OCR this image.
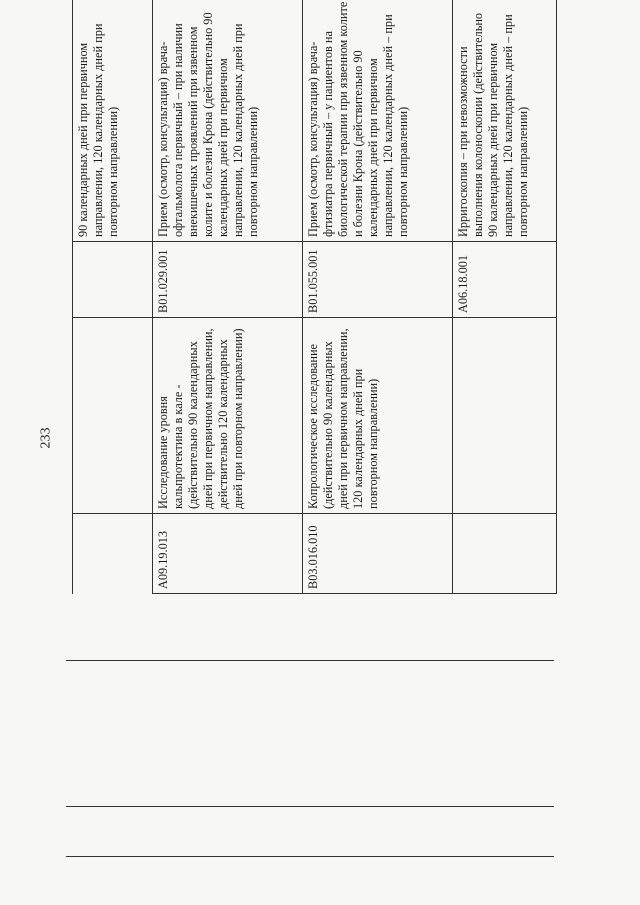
233
			90 календарных дней при первичном направлении, 120 календарных дней при повторном направлении)
A09.19.013	Исследование уровня кальпротектина в кале - (действительно 90 календарных дней при первичном направлении, действительно 120 календарных дней при повторном направлении)	B01.029.001	Прием (осмотр, консультация) врача-офтальмолога первичный – при наличии внекишечных проявлений при язвенном колите и болезни Крона (действительно 90 календарных дней при первичном направлении, 120 календарных дней при повторном направлении)
B03.016.010	Копрологическое исследование (действительно 90 календарных дней при первичном направлении, 120 календарных дней при повторном направлении)	B01.055.001	Прием (осмотр, консультация) врача-фтизиатра первичный – у пациентов на биологической терапии при язвенном колите и болезни Крона (действительно 90 календарных дней при первичном направлении, 120 календарных дней – при повторном направлении)
		A06.18.001	Ирригоскопия – при невозможности выполнения колоноскопии (действительно 90 календарных дней при первичном направлении, 120 календарных дней – при повторном направлении)
